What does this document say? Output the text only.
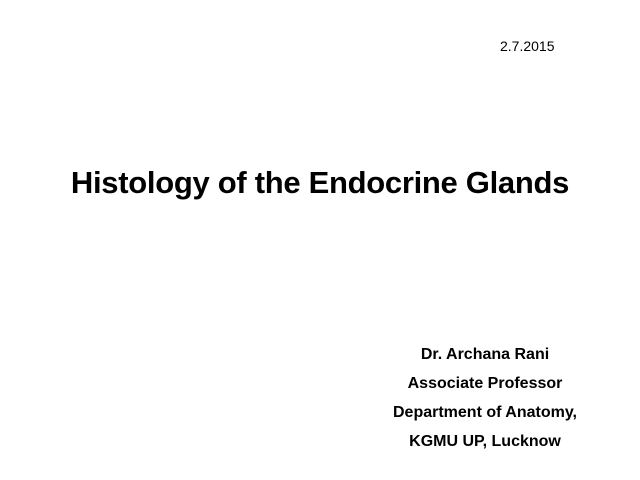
2.7.2015
Histology of the Endocrine Glands
Dr. Archana Rani
Associate Professor
Department of Anatomy,
KGMU UP, Lucknow
